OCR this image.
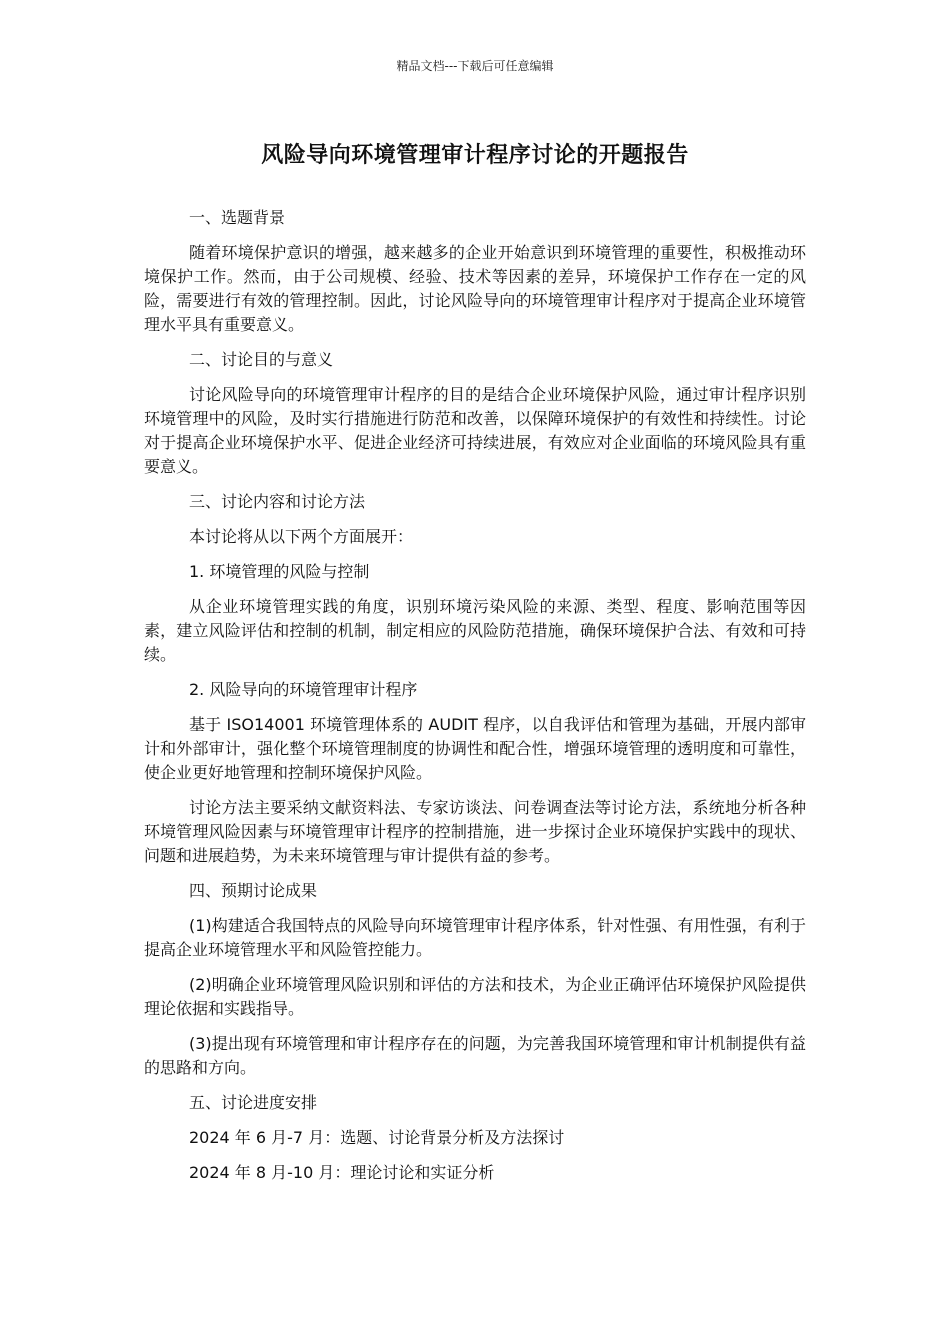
精品文档---下载后可任意编辑
风险导向环境管理审计程序讨论的开题报告

一、选题背景

随着环境保护意识的增强，越来越多的企业开始意识到环境管理的重要性，积极推动环境保护工作。然而，由于公司规模、经验、技术等因素的差异，环境保护工作存在一定的风险，需要进行有效的管理控制。因此，讨论风险导向的环境管理审计程序对于提高企业环境管理水平具有重要意义。

二、讨论目的与意义

讨论风险导向的环境管理审计程序的目的是结合企业环境保护风险，通过审计程序识别环境管理中的风险，及时实行措施进行防范和改善，以保障环境保护的有效性和持续性。讨论对于提高企业环境保护水平、促进企业经济可持续进展，有效应对企业面临的环境风险具有重要意义。

三、讨论内容和讨论方法

本讨论将从以下两个方面展开：

1. 环境管理的风险与控制

从企业环境管理实践的角度，识别环境污染风险的来源、类型、程度、影响范围等因素，建立风险评估和控制的机制，制定相应的风险防范措施，确保环境保护合法、有效和可持续。

2. 风险导向的环境管理审计程序

基于 ISO14001 环境管理体系的 AUDIT 程序，以自我评估和管理为基础，开展内部审计和外部审计，强化整个环境管理制度的协调性和配合性，增强环境管理的透明度和可靠性，使企业更好地管理和控制环境保护风险。

讨论方法主要采纳文献资料法、专家访谈法、问卷调查法等讨论方法，系统地分析各种环境管理风险因素与环境管理审计程序的控制措施，进一步探讨企业环境保护实践中的现状、问题和进展趋势，为未来环境管理与审计提供有益的参考。

四、预期讨论成果

(1)构建适合我国特点的风险导向环境管理审计程序体系，针对性强、有用性强，有利于提高企业环境管理水平和风险管控能力。

(2)明确企业环境管理风险识别和评估的方法和技术，为企业正确评估环境保护风险提供理论依据和实践指导。

(3)提出现有环境管理和审计程序存在的问题，为完善我国环境管理和审计机制提供有益的思路和方向。

五、讨论进度安排

2024 年 6 月-7 月：选题、讨论背景分析及方法探讨

2024 年 8 月-10 月：理论讨论和实证分析
